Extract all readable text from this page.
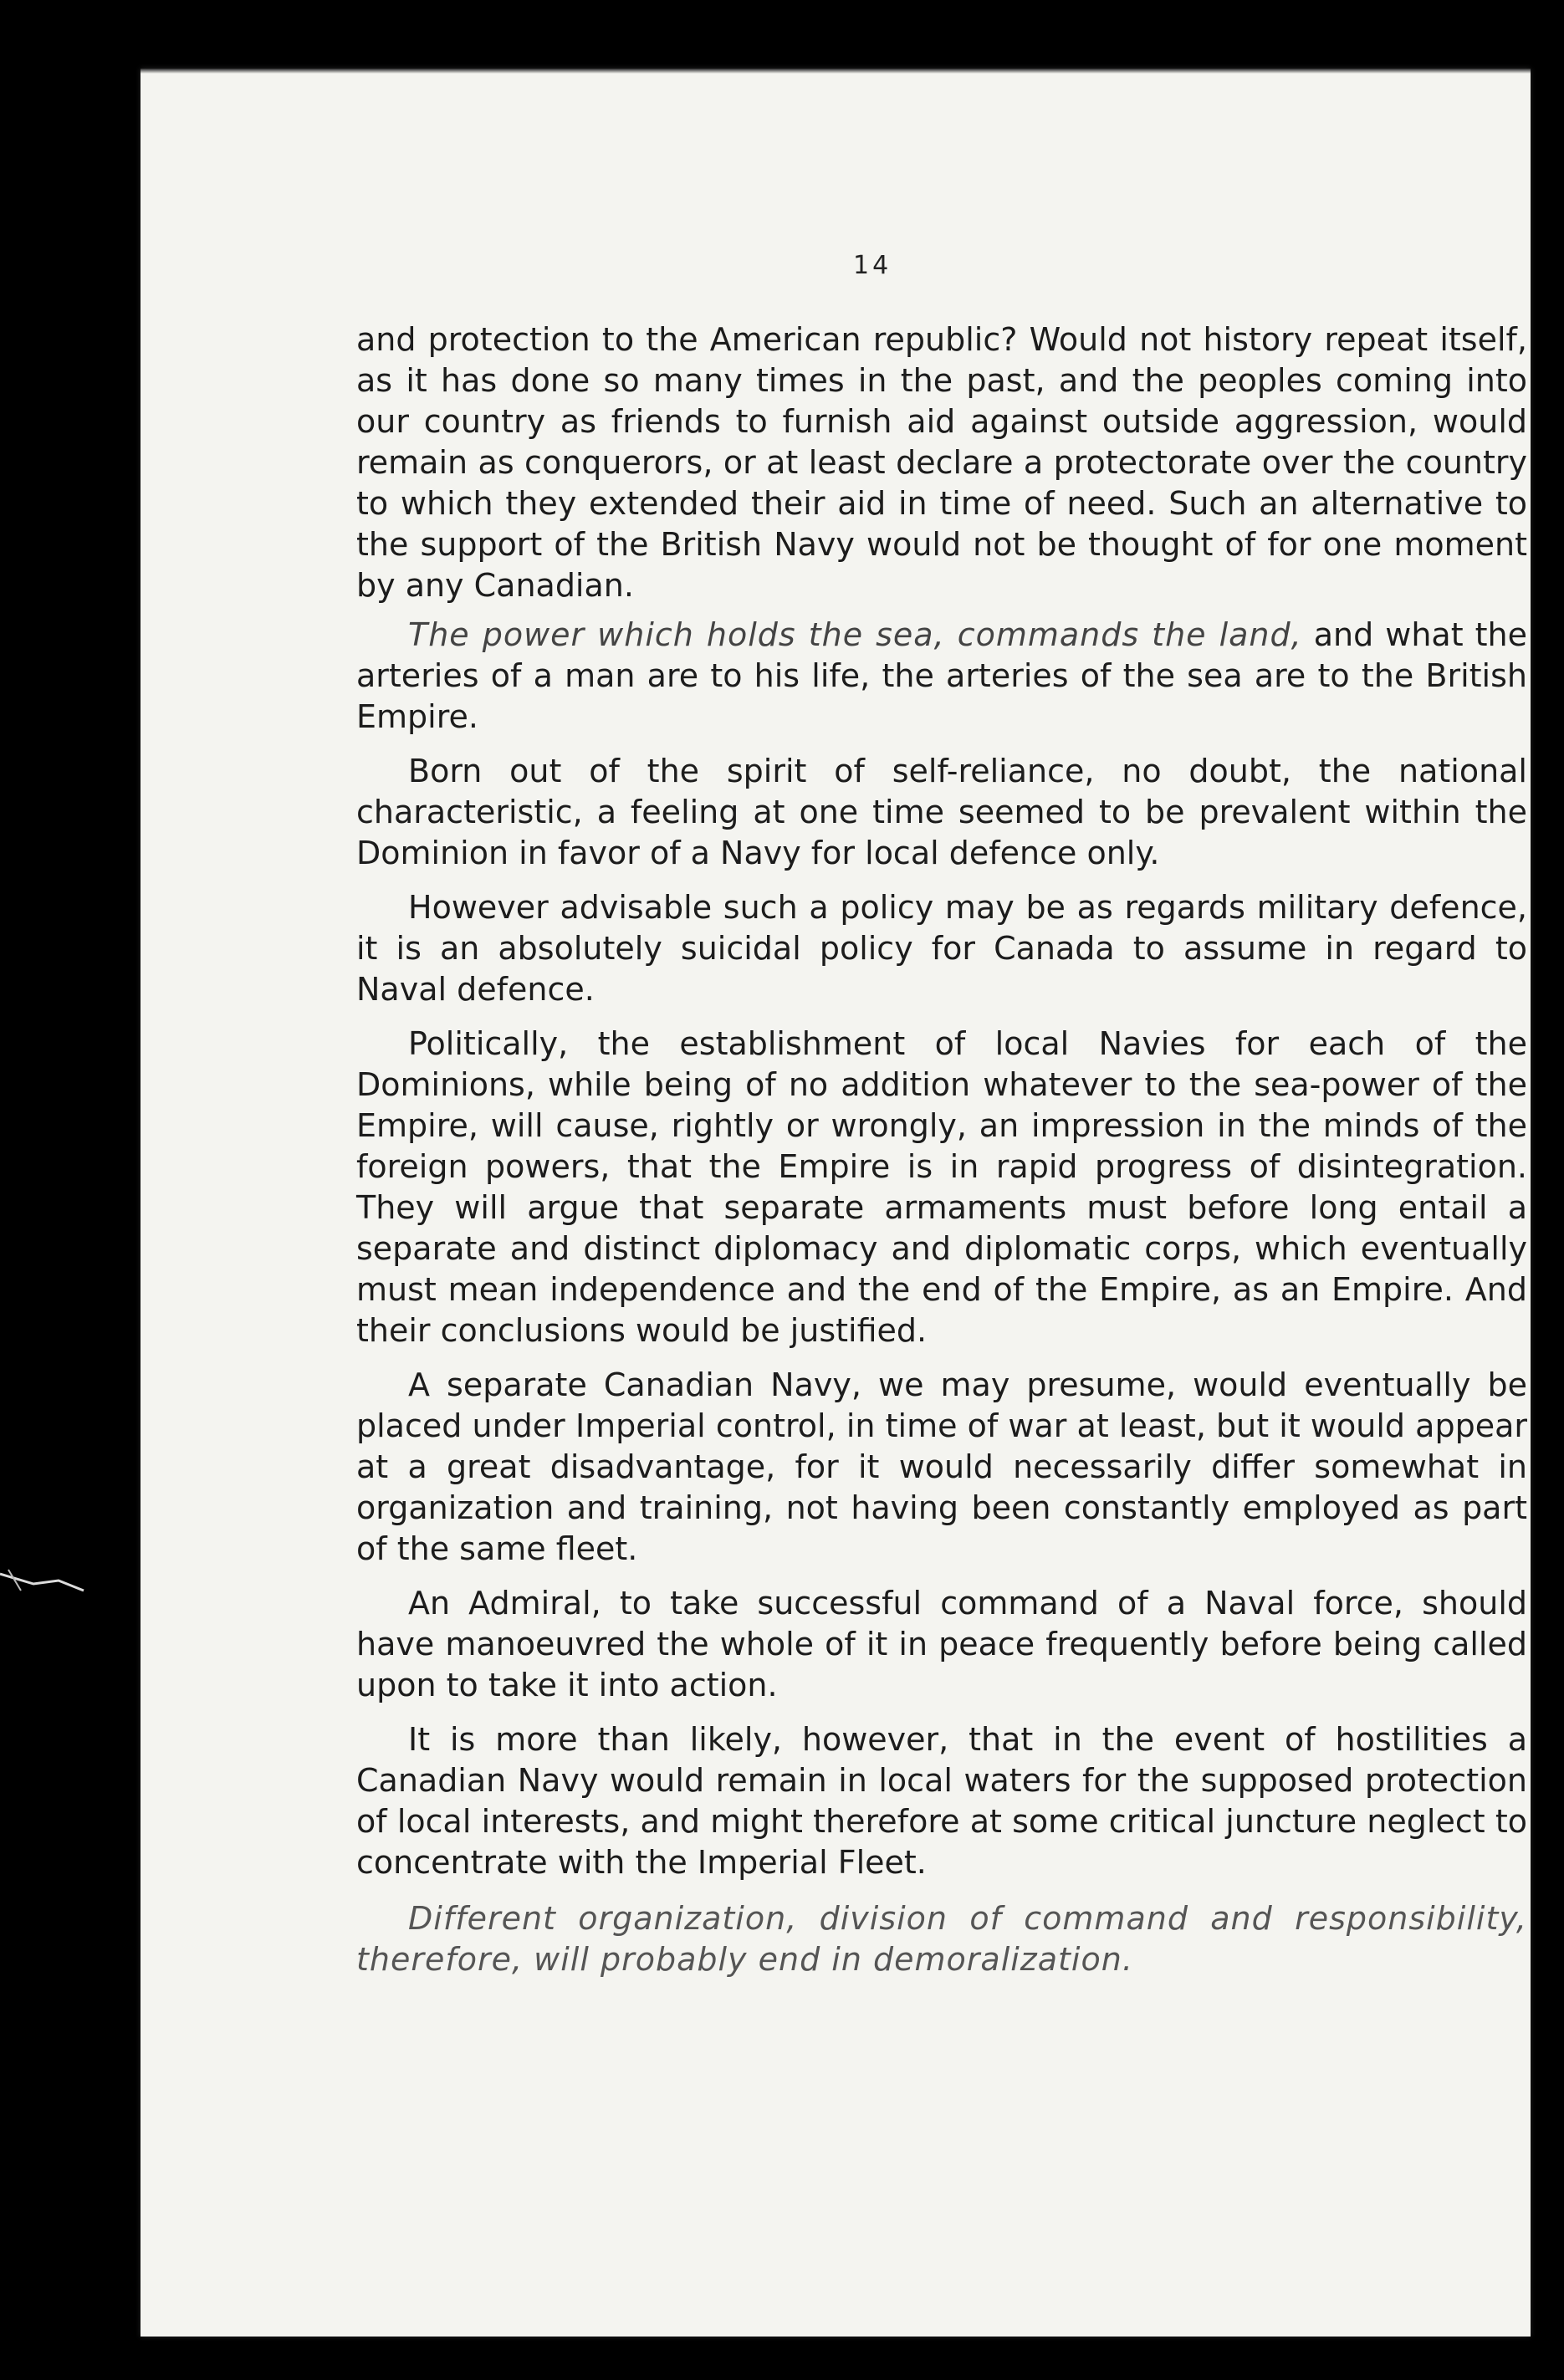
14

and protection to the American republic? Would not history repeat itself, as it has done so many times in the past, and the peoples coming into our country as friends to furnish aid against outside aggression, would remain as conquerors, or at least declare a protectorate over the country to which they extended their aid in time of need. Such an alternative to the support of the British Navy would not be thought of for one moment by any Canadian.

The power which holds the sea, commands the land, and what the arteries of a man are to his life, the arteries of the sea are to the British Empire.

Born out of the spirit of self-reliance, no doubt, the national characteristic, a feeling at one time seemed to be prevalent within the Dominion in favor of a Navy for local defence only.

However advisable such a policy may be as regards military defence, it is an absolutely suicidal policy for Canada to assume in regard to Naval defence.

Politically, the establishment of local Navies for each of the Dominions, while being of no addition whatever to the sea-power of the Empire, will cause, rightly or wrongly, an impression in the minds of the foreign powers, that the Empire is in rapid progress of disintegration. They will argue that separate armaments must before long entail a separate and distinct diplomacy and diplomatic corps, which eventually must mean independence and the end of the Empire, as an Empire. And their conclusions would be justified.

A separate Canadian Navy, we may presume, would eventually be placed under Imperial control, in time of war at least, but it would appear at a great disadvantage, for it would necessarily differ somewhat in organization and training, not having been constantly employed as part of the same fleet.

An Admiral, to take successful command of a Naval force, should have manoeuvred the whole of it in peace frequently before being called upon to take it into action.

It is more than likely, however, that in the event of hostilities a Canadian Navy would remain in local waters for the supposed protection of local interests, and might therefore at some critical juncture neglect to concentrate with the Imperial Fleet.

Different organization, division of command and responsibility, therefore, will probably end in demoralization.
